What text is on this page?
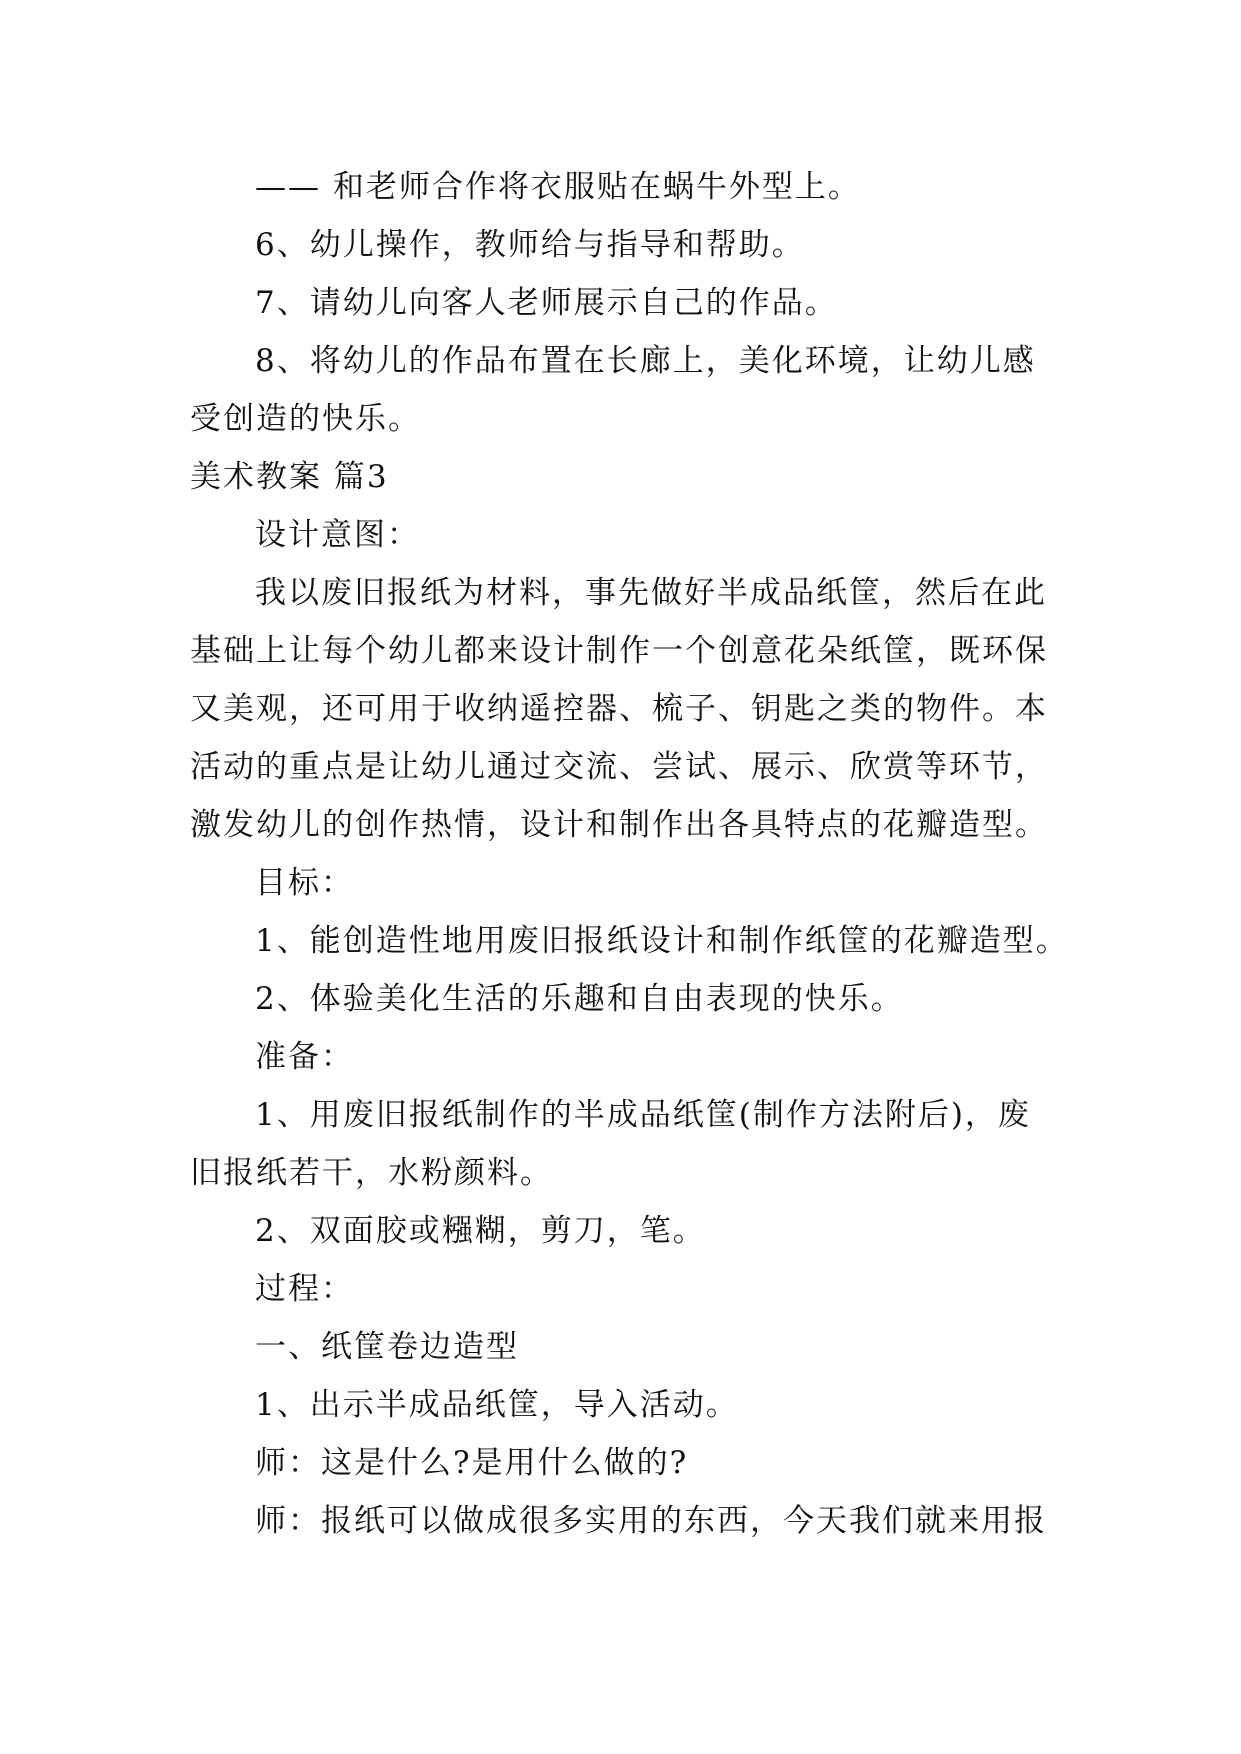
—— 和老师合作将衣服贴在蜗牛外型上。
6、幼儿操作，教师给与指导和帮助。
7、请幼儿向客人老师展示自己的作品。
8、将幼儿的作品布置在长廊上，美化环境，让幼儿感
受创造的快乐。
美术教案 篇3
设计意图：
我以废旧报纸为材料，事先做好半成品纸筐，然后在此
基础上让每个幼儿都来设计制作一个创意花朵纸筐，既环保
又美观，还可用于收纳遥控器、梳子、钥匙之类的物件。本
活动的重点是让幼儿通过交流、尝试、展示、欣赏等环节，
激发幼儿的创作热情，设计和制作出各具特点的花瓣造型。
目标：
1、能创造性地用废旧报纸设计和制作纸筐的花瓣造型。
2、体验美化生活的乐趣和自由表现的快乐。
准备：
1、用废旧报纸制作的半成品纸筐(制作方法附后)，废
旧报纸若干，水粉颜料。
2、双面胶或糨糊，剪刀，笔。
过程：
一、纸筐卷边造型
1、出示半成品纸筐，导入活动。
师：这是什么?是用什么做的?
师：报纸可以做成很多实用的东西，今天我们就来用报
